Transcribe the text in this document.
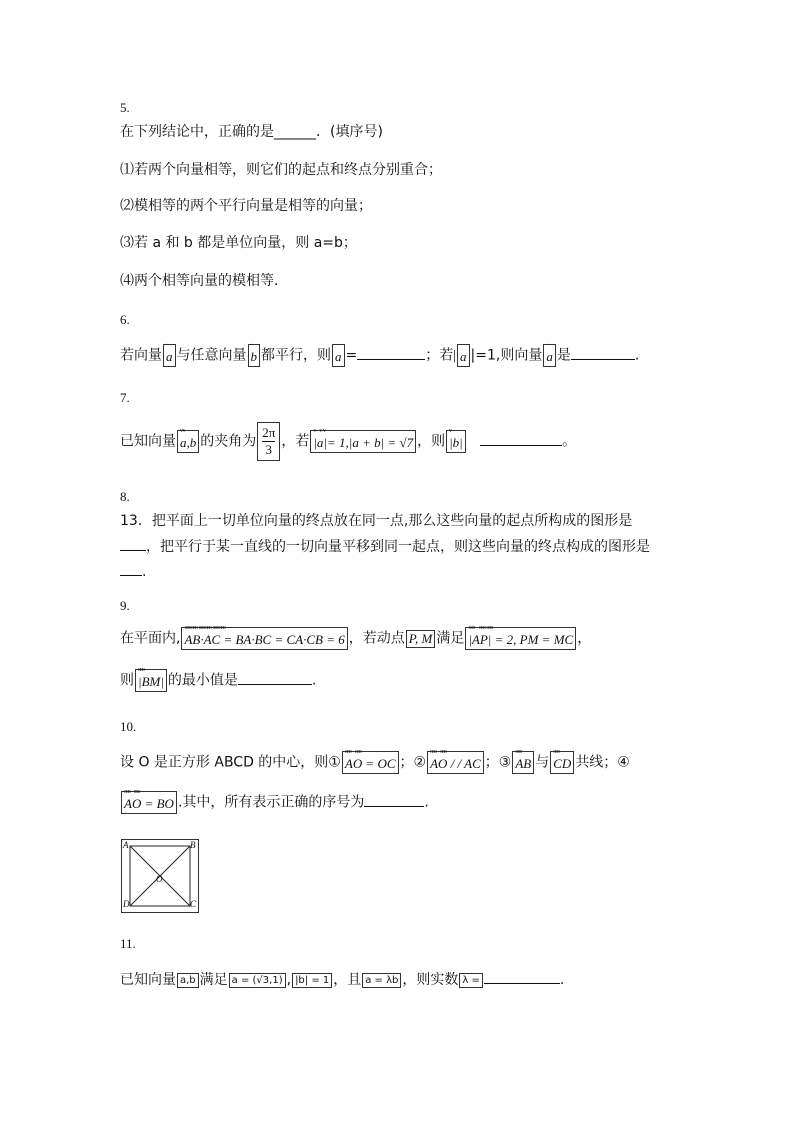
5.
在下列结论中，正确的是______．(填序号)
⑴若两个向量相等，则它们的起点和终点分别重合；
⑵模相等的两个平行向量是相等的向量；
⑶若 a 和 b 都是单位向量，则 a=b；
⑷两个相等向量的模相等．
6.
若向量
·
a 与任意向量
·
b 都平行，则
·
a =	；若|
·
a |=1,则向量
·
a 是	.
7.
已知向量
v v
a,b 的夹角为 $\frac{2\pi}{3}$ ，若
v        v   v
|a|= 1,|a + b| = √7 ，则
v
|b|	。
8.
13．把平面上一切单位向量的终点放在同一点,那么这些向量的起点所构成的图形是
，把平行于某一直线的一切向量平移到同一起点，则这些向量的终点构成的图形是
.
9.
在平面内,
ooo ooo   ooo ooo   ooo ooo
AB·AC = BA·BC = CA·CB = 6 ，若动点 P, M 满足
ooo         ooo   ooo
|AP| = 2, PM = MC ，
则
ooo
|BM| 的最小值是	.
10.
设 O 是正方形 ABCD 的中心，则①
ooo        ooo
AO = OC ；②
ooo        ooo
AO / / AC ；③
ooo
AB 与
ooo
CD 共线；④
ooo       ooo
AO = BO .其中，所有表示正确的序号为	.
A	B
C
D
O
11.
已知向量 a,b 满足 a = (√3,1) , |b| = 1 ，且 a = λb ，则实数 λ =	.
